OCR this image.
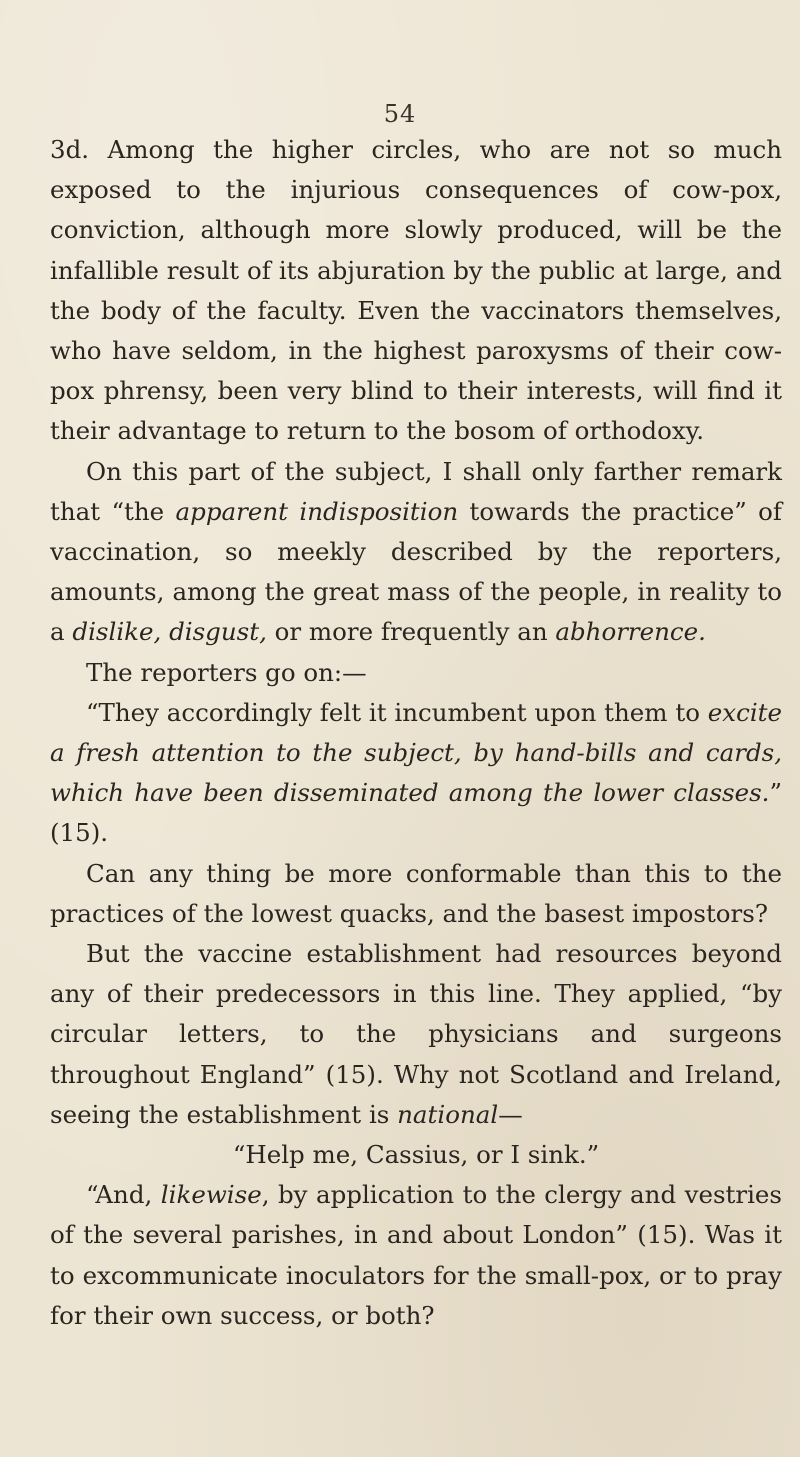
54

3d. Among the higher circles, who are not so much exposed to the injurious consequences of cow-pox, conviction, although more slowly produced, will be the infallible result of its abjuration by the public at large, and the body of the faculty. Even the vaccinators themselves, who have seldom, in the highest paroxysms of their cow-pox phrensy, been very blind to their interests, will find it their advantage to return to the bosom of orthodoxy.

On this part of the subject, I shall only farther remark that “the apparent indisposition towards the practice” of vaccination, so meekly described by the reporters, amounts, among the great mass of the people, in reality to a dislike, disgust, or more frequently an abhorrence.

The reporters go on:—

“They accordingly felt it incumbent upon them to excite a fresh attention to the subject, by hand-bills and cards, which have been disseminated among the lower classes.” (15).

Can any thing be more conformable than this to the practices of the lowest quacks, and the basest impostors?

But the vaccine establishment had resources beyond any of their predecessors in this line. They applied, “by circular letters, to the physicians and surgeons throughout England” (15). Why not Scotland and Ireland, seeing the establishment is national—

“Help me, Cassius, or I sink.”

“And, likewise, by application to the clergy and vestries of the several parishes, in and about London” (15). Was it to excommunicate inoculators for the small-pox, or to pray for their own success, or both?
